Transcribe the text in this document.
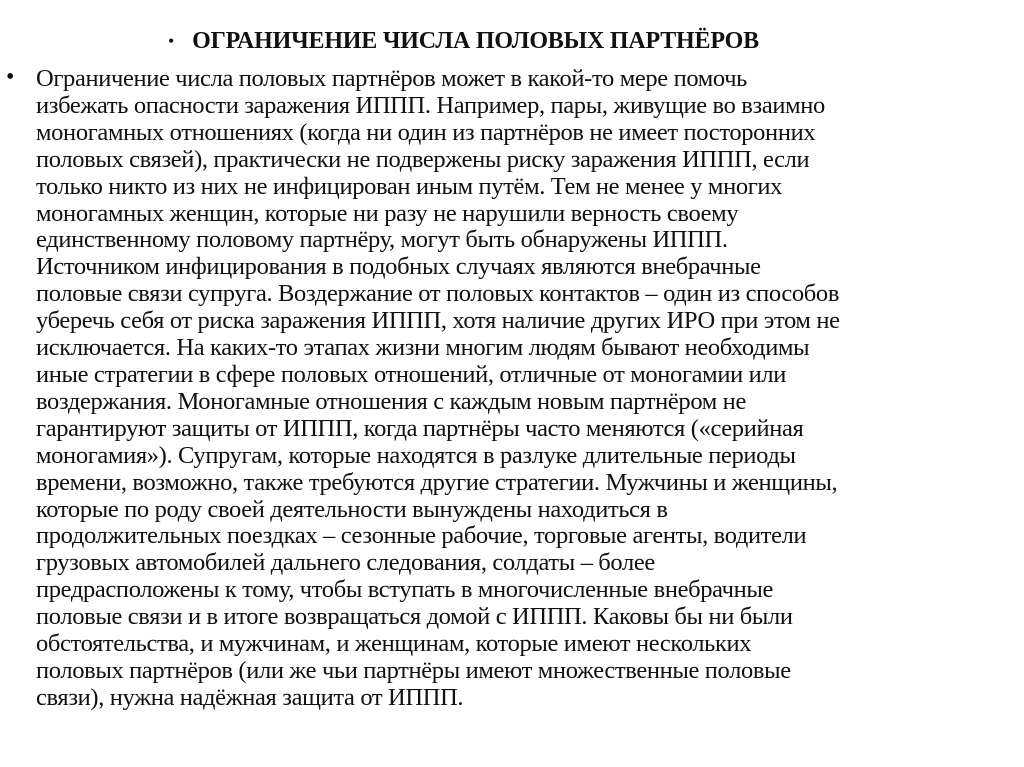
• ОГРАНИЧЕНИЕ ЧИСЛА ПОЛОВЫХ ПАРТНЁРОВ
• Ограничение числа половых партнёров может в какой-то мере помочь
избежать опасности заражения ИППП. Например, пары, живущие во взаимно
моногамных отношениях (когда ни один из партнёров не имеет посторонних
половых связей), практически не подвержены риску заражения ИППП, если
только никто из них не инфицирован иным путём. Тем не менее у многих
моногамных женщин, которые ни разу не нарушили верность своему
единственному половому партнёру, могут быть обнаружены ИППП.
Источником инфицирования в подобных случаях являются внебрачные
половые связи супруга. Воздержание от половых контактов – один из способов
уберечь себя от риска заражения ИППП, хотя наличие других ИРО при этом не
исключается. На каких-то этапах жизни многим людям бывают необходимы
иные стратегии в сфере половых отношений, отличные от моногамии или
воздержания. Моногамные отношения с каждым новым партнёром не
гарантируют защиты от ИППП, когда партнёры часто меняются («серийная
моногамия»). Супругам, которые находятся в разлуке длительные периоды
времени, возможно, также требуются другие стратегии. Мужчины и женщины,
которые по роду своей деятельности вынуждены находиться в
продолжительных поездках – сезонные рабочие, торговые агенты, водители
грузовых автомобилей дальнего следования, солдаты – более
предрасположены к тому, чтобы вступать в многочисленные внебрачные
половые связи и в итоге возвращаться домой с ИППП. Каковы бы ни были
обстоятельства, и мужчинам, и женщинам, которые имеют нескольких
половых партнёров (или же чьи партнёры имеют множественные половые
связи), нужна надёжная защита от ИППП.
